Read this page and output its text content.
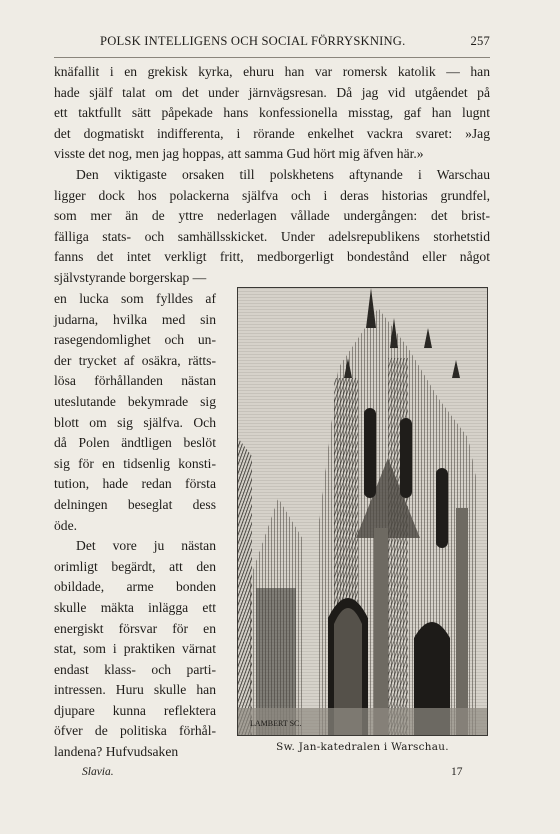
POLSK INTELLIGENS OCH SOCIAL FÖRRYSKNING.	257
knäfallit i en grekisk kyrka, ehuru han var romersk katolik — han
hade själf talat om det under järnvägsresan. Då jag vid utgåendet på
ett taktfullt sätt påpekade hans konfessionella misstag, gaf han lugnt
det dogmatiskt indifferenta, i rörande enkelhet vackra svaret: »Jag
visste det nog, men jag hoppas, att samma Gud hört mig äfven här.»
Den viktigaste orsaken till polskhetens aftynande i Warschau
ligger dock hos polackerna själfva och i deras historias grundfel,
som mer än de yttre nederlagen vållade undergången: det brist-
fälliga stats- och samhällsskicket. Under adelsrepublikens storhetstid
fanns det intet verkligt fritt, medborgerligt bondestånd eller något
självstyrande borgerskap —
en lucka som fylldes af
judarna, hvilka med sin
rasegendomlighet och un-
der trycket af osäkra, rätts-
lösa förhållanden nästan
uteslutande bekymrade sig
blott om sig själfva. Och
då Polen ändtligen beslöt
sig för en tidsenlig konsti-
tution, hade redan första
delningen beseglat dess
öde.
Det vore ju nästan
orimligt begärdt, att den
obildade, arme bonden
skulle mäkta inlägga ett
energiskt försvar för en
stat, som i praktiken värnat
endast klass- och parti-
intressen. Huru skulle han
djupare kunna reflektera
öfver de politiska förhål-
landena? Hufvudsaken
LAMBERT SC.
Sw. Jan-katedralen i Warschau.
Slavia.	17
